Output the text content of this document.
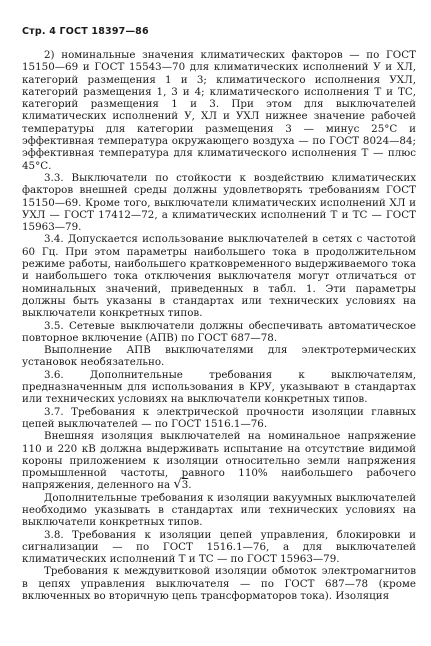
Стр. 4 ГОСТ 18397—86

2) номинальные значения климатических факторов — по ГОСТ 15150—69 и ГОСТ 15543—70 для климатических исполнений У и ХЛ, категорий размещения 1 и 3; климатического исполнения УХЛ, категорий размещения 1, 3 и 4; климатического исполнения Т и ТС, категорий размещения 1 и 3. При этом для выключателей климатических исполнений У, ХЛ и УХЛ нижнее значение рабочей температуры для категории размещения 3 — минус 25°С и эффективная температура окружающего воздуха — по ГОСТ 8024—84; эффективная температура для климатического исполнения Т — плюс 45°С.

3.3. Выключатели по стойкости к воздействию климатических факторов внешней среды должны удовлетворять требованиям ГОСТ 15150—69. Кроме того, выключатели климатических исполнений ХЛ и УХЛ — ГОСТ 17412—72, а климатических исполнений Т и ТС — ГОСТ 15963—79.

3.4. Допускается использование выключателей в сетях с частотой 60 Гц. При этом параметры наибольшего тока в продолжительном режиме работы, наибольшего кратковременного выдерживаемого тока и наибольшего тока отключения выключателя могут отличаться от номинальных значений, приведенных в табл. 1. Эти параметры должны быть указаны в стандартах или технических условиях на выключатели конкретных типов.

3.5. Сетевые выключатели должны обеспечивать автоматическое повторное включение (АПВ) по ГОСТ 687—78.

Выполнение АПВ выключателями для электротермических установок необязательно.

3.6. Дополнительные требования к выключателям, предназначенным для использования в КРУ, указывают в стандартах или технических условиях на выключатели конкретных типов.

3.7. Требования к электрической прочности изоляции главных цепей выключателей — по ГОСТ 1516.1—76.

Внешняя изоляция выключателей на номинальное напряжение 110 и 220 кВ должна выдерживать испытание на отсутствие видимой короны приложением к изоляции относительно земли напряжения промышленной частоты, равного 110% наибольшего рабочего напряжения, деленного на √3.

Дополнительные требования к изоляции вакуумных выключателей необходимо указывать в стандартах или технических условиях на выключатели конкретных типов.

3.8. Требования к изоляции цепей управления, блокировки и сигнализации — по ГОСТ 1516.1—76, а для выключателей климатических исполнений Т и ТС — по ГОСТ 15963—79.

Требования к междувитковой изоляции обмоток электромагнитов в цепях управления выключателя — по ГОСТ 687—78 (кроме включенных во вторичную цепь трансформаторов тока). Изоляция
